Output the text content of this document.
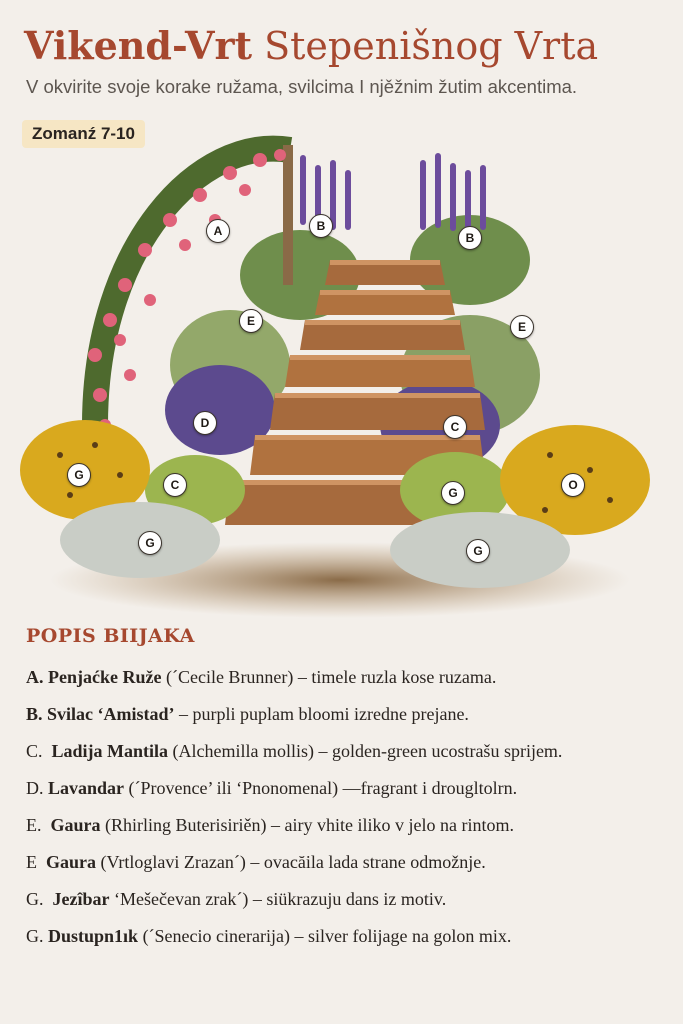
Vikend-Vrt Stepenišnog Vrta
V okvirite svoje korake ružama, svilcima I njěžnim žutim akcentima.
Zomanź 7-10
A	B
B
E	E
D	C
C
G
G
O
G
G
POPIS BIIJAKA
A. Penjaćke Ruže (ˊCecile Brunner) – timele ruzla kose ruzama.
B. Svilac ‘Amistad’ – purpli puplam bloomi izredne prejane.
C. Ladija Mantila (Alchemilla mollis) – golden-green ucostrašu sprijem.
D. Lavandar (ˊProvence’ ili ‘Pnonomenal) —fragrant i drougltolrn.
E. Gaura (Rhirling Buterisiriěn) – airy vhite iliko v jelo na rintom.
E Gaura (Vrtloglavi Zrazanˊ) – ovacăila lada strane odmožnje.
G. Jezîbar ‘Mešečevan zrakˊ) – siükrazuju dans iz motiv.
G. Dustupn1ık (ˊSenecio cinerarija) – silver folijage na golon mix.
